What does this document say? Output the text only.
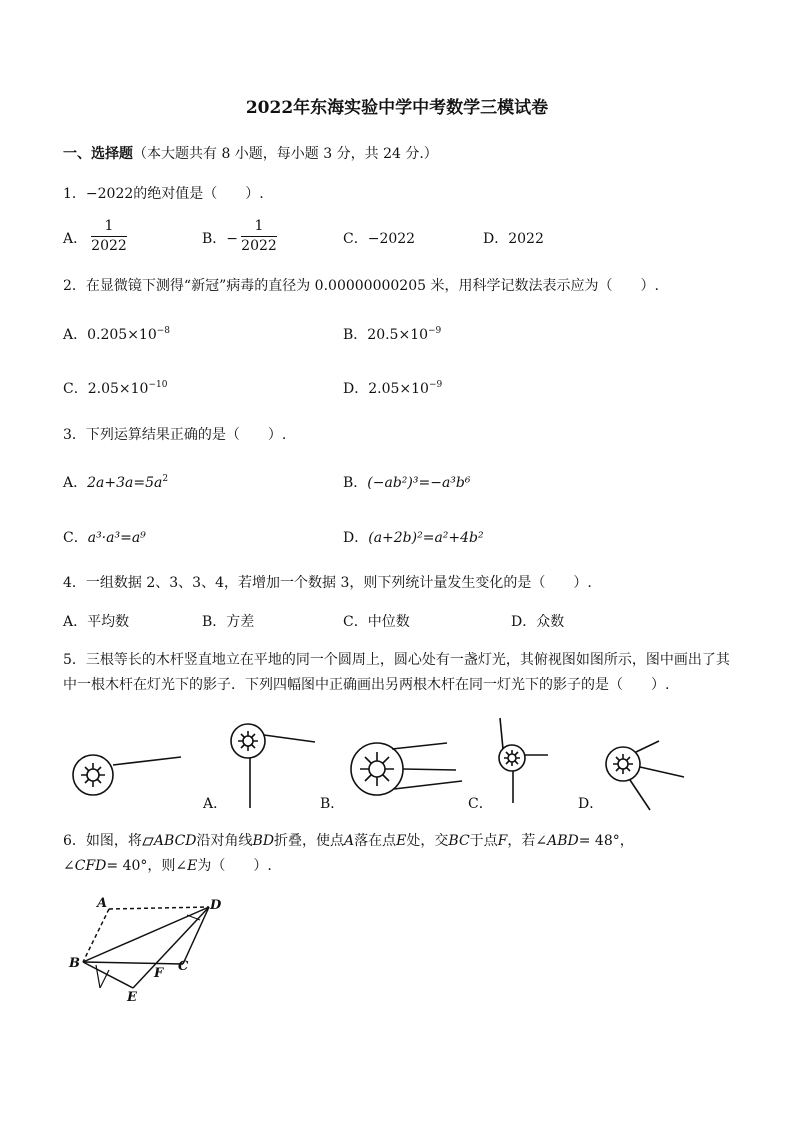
2022年东海实验中学中考数学三模试卷
一、选择题（本大题共有 8 小题，每小题 3 分，共 24 分.）
1．−2022的绝对值是（　　）.
A．
1
2022	B．−
1
2022	C．−2022	D．2022
2．在显微镜下测得“新冠”病毒的直径为 0.00000000205 米，用科学记数法表示应为（　　）.
A．$0.205\times 10^{-8}$	B．$20.5\times 10^{-9}$
C．$2.05\times 10^{-10}$	D．$2.05\times 10^{-9}$
3．下列运算结果正确的是（　　）.
A．$2a+3a=5a^2$	B．(−ab²)³=−a³b⁶
C．a³·a³=a⁹	D．(a+2b)²=a²+4b²
4．一组数据 2、3、3、4，若增加一个数据 3，则下列统计量发生变化的是（　　）.
A．平均数	B．方差	C．中位数	D．众数
5．三根等长的木杆竖直地立在平地的同一个圆周上，圆心处有一盏灯光，其俯视图如图所示，图中画出了其
中一根木杆在灯光下的影子．下列四幅图中正确画出另两根木杆在同一灯光下的影子的是（　　）.
A．	B．	C．	D．
6．如图，将 ABCD沿对角线BD折叠，使点A落在点E处，交BC于点F，若∠ABD= 48°，
∠CFD= 40°，则∠E为（　　）.
A	D
B
F C
E
